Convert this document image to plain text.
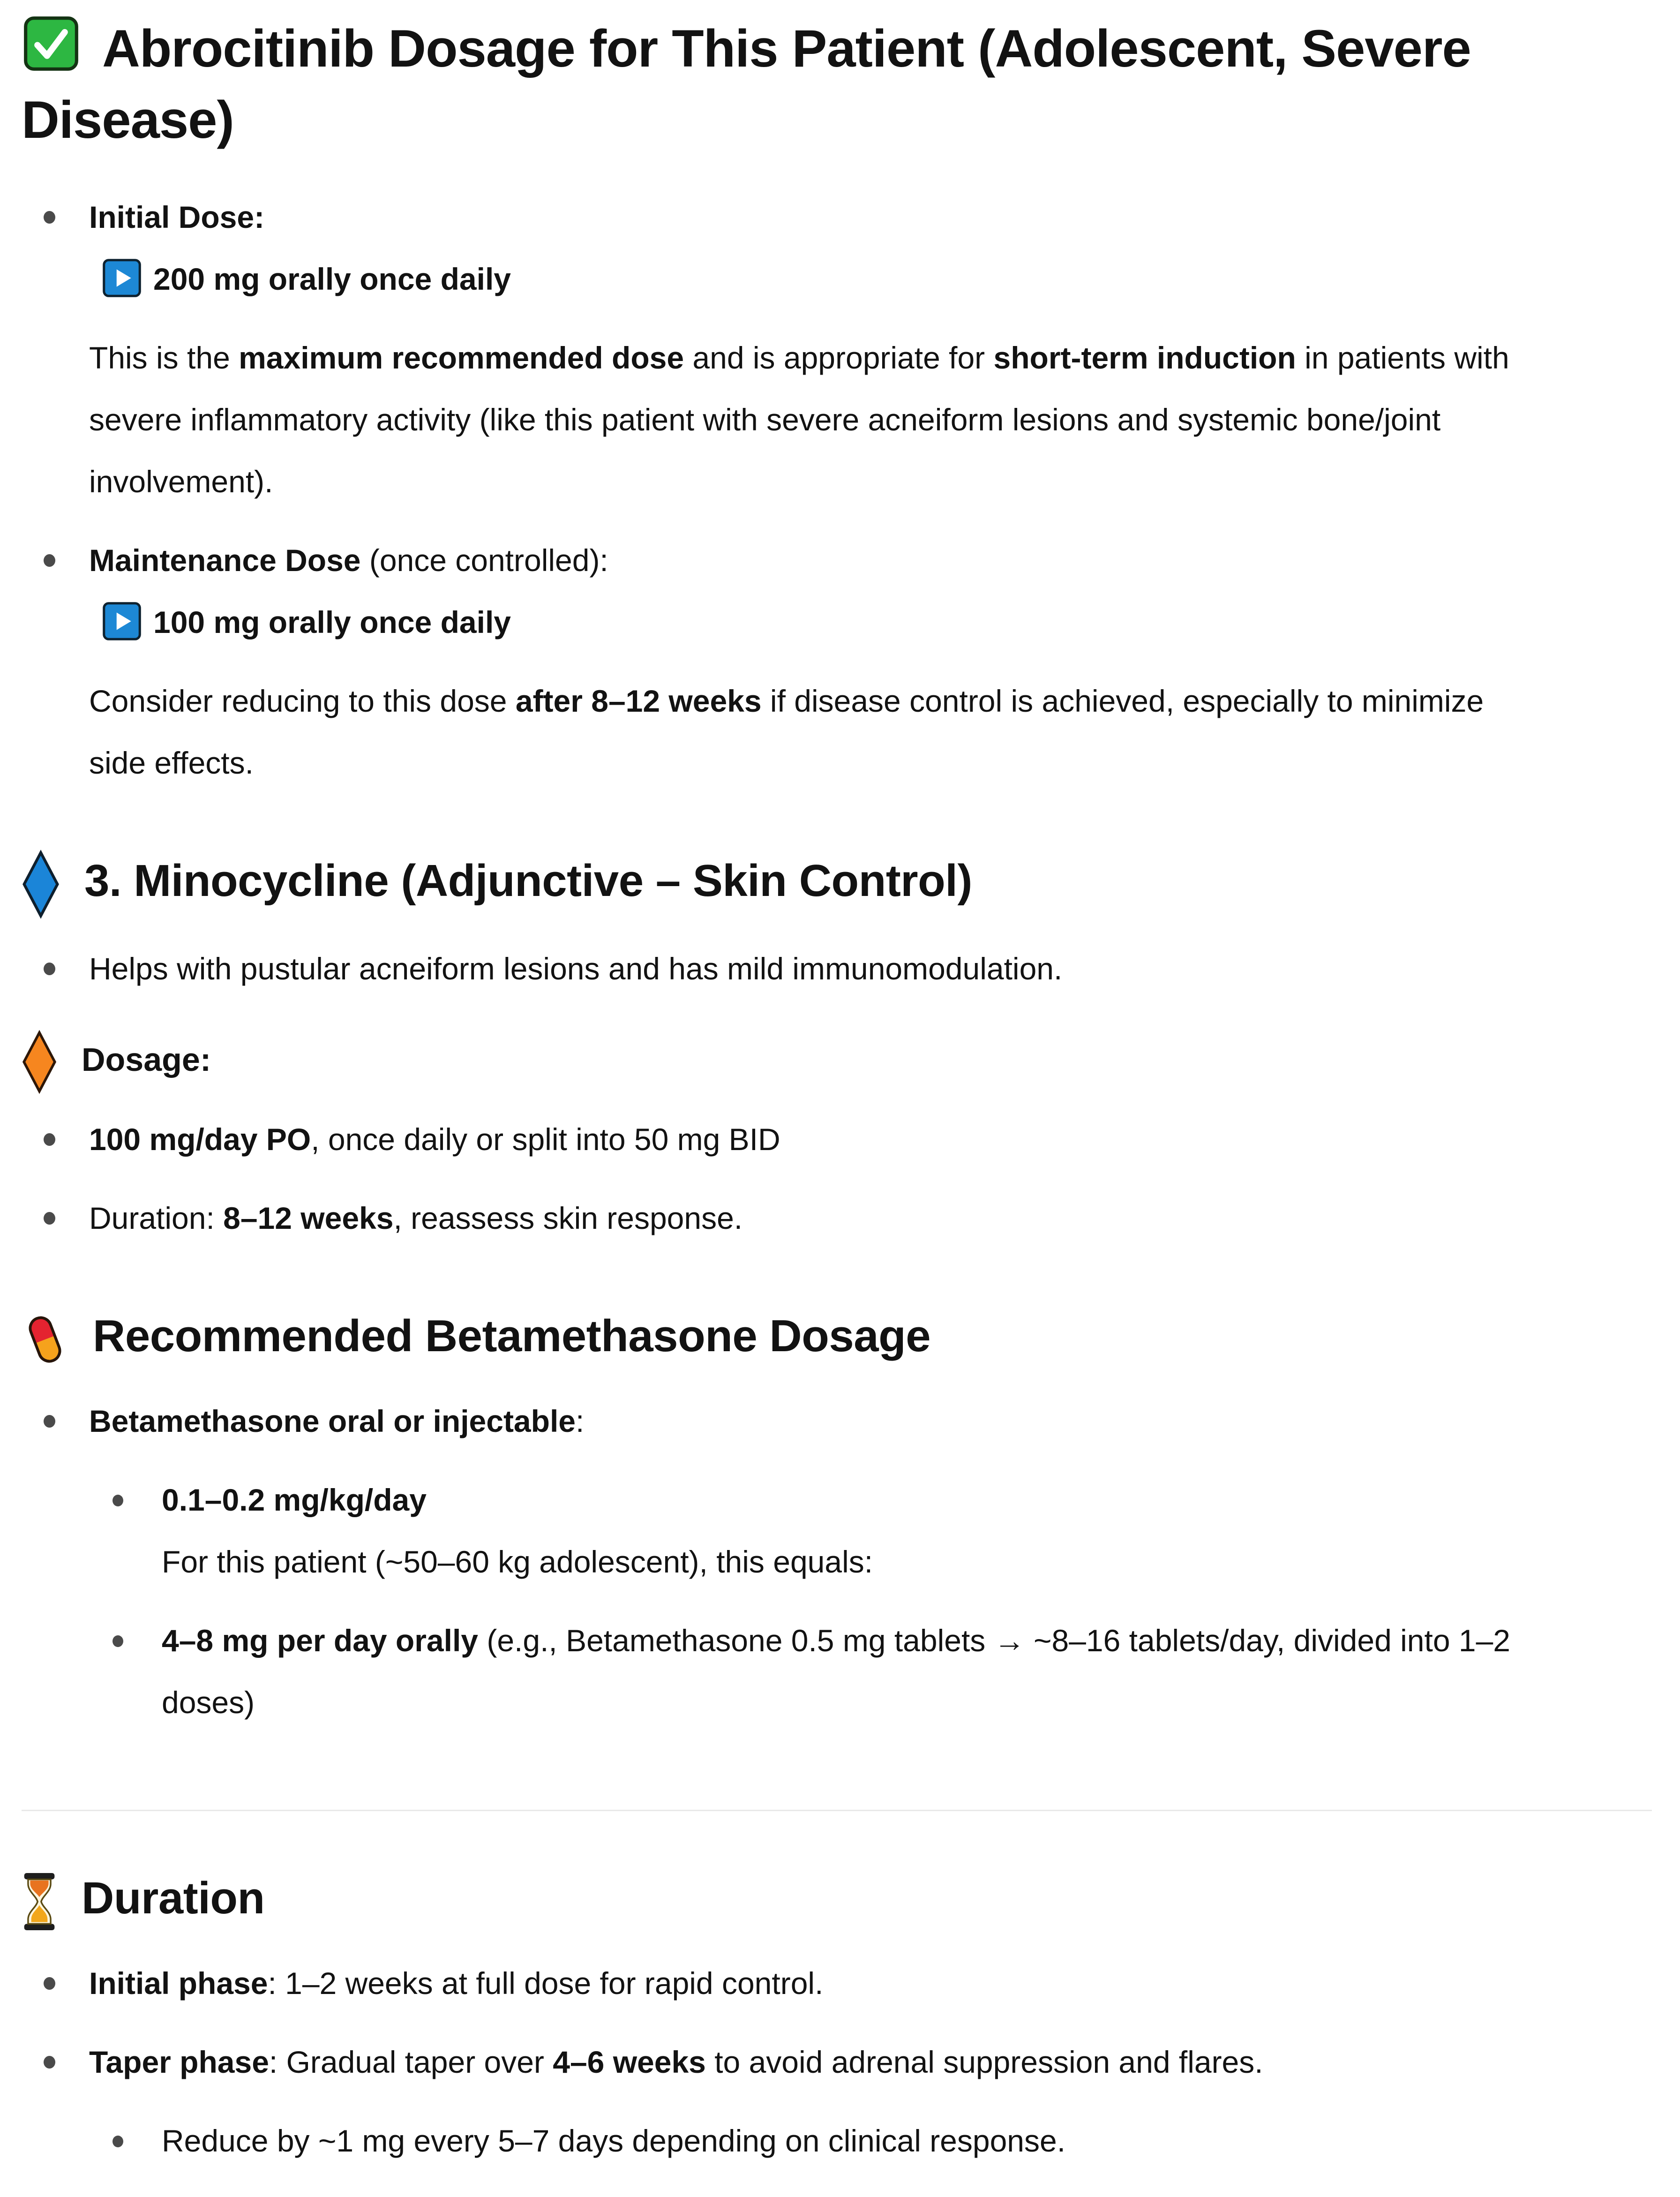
Abrocitinib Dosage for This Patient (Adolescent, Severe
Disease)

Initial Dose:

200 mg orally once daily

This is the maximum recommended dose and is appropriate for short-term induction in patients with
severe inflammatory activity (like this patient with severe acneiform lesions and systemic bone/joint
involvement).

Maintenance Dose (once controlled):

100 mg orally once daily

Consider reducing to this dose after 8–12 weeks if disease control is achieved, especially to minimize
side effects.

3. Minocycline (Adjunctive – Skin Control)

Helps with pustular acneiform lesions and has mild immunomodulation.

Dosage:

100 mg/day PO, once daily or split into 50 mg BID

Duration: 8–12 weeks, reassess skin response.

Recommended Betamethasone Dosage

Betamethasone oral or injectable:

0.1–0.2 mg/kg/day

For this patient (~50–60 kg adolescent), this equals:

4–8 mg per day orally (e.g., Betamethasone 0.5 mg tablets → ~8–16 tablets/day, divided into 1–2
doses)

Duration

Initial phase: 1–2 weeks at full dose for rapid control.

Taper phase: Gradual taper over 4–6 weeks to avoid adrenal suppression and flares.

Reduce by ~1 mg every 5–7 days depending on clinical response.
